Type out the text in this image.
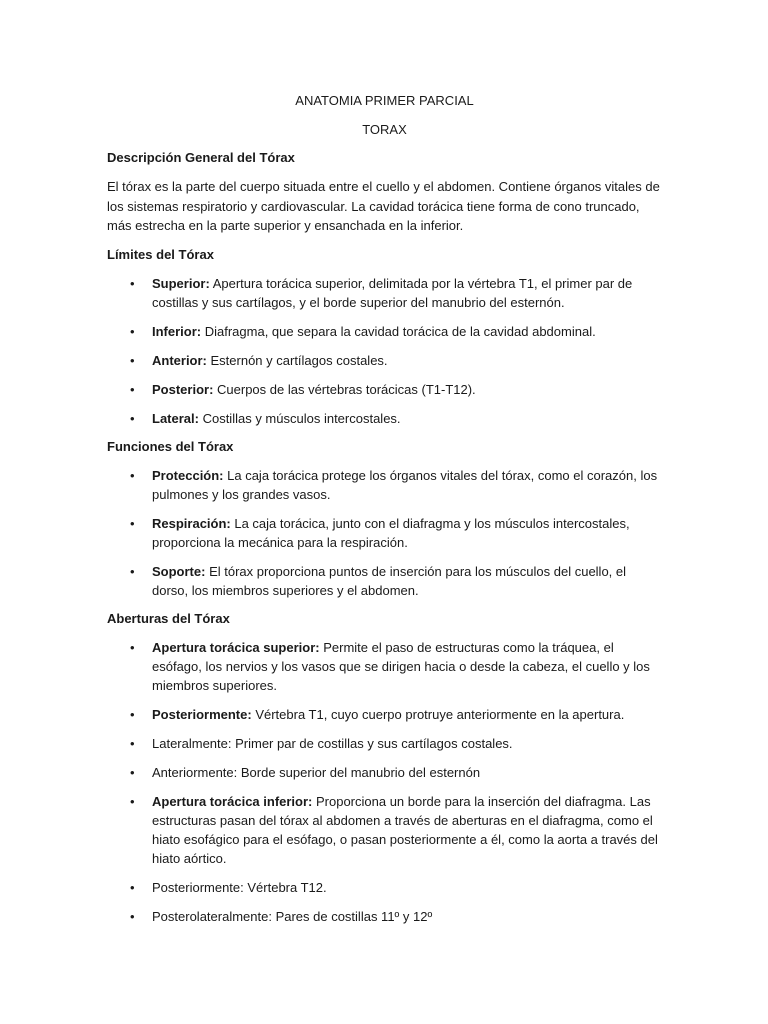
ANATOMIA PRIMER PARCIAL
TORAX
Descripción General del Tórax

El tórax es la parte del cuerpo situada entre el cuello y el abdomen. Contiene órganos vitales de los sistemas respiratorio y cardiovascular. La cavidad torácica tiene forma de cono truncado, más estrecha en la parte superior y ensanchada en la inferior.

Límites del Tórax
• Superior: Apertura torácica superior, delimitada por la vértebra T1, el primer par de costillas y sus cartílagos, y el borde superior del manubrio del esternón.
• Inferior: Diafragma, que separa la cavidad torácica de la cavidad abdominal.
• Anterior: Esternón y cartílagos costales.
• Posterior: Cuerpos de las vértebras torácicas (T1-T12).
• Lateral: Costillas y músculos intercostales.
Funciones del Tórax
• Protección: La caja torácica protege los órganos vitales del tórax, como el corazón, los pulmones y los grandes vasos.
• Respiración: La caja torácica, junto con el diafragma y los músculos intercostales, proporciona la mecánica para la respiración.
• Soporte: El tórax proporciona puntos de inserción para los músculos del cuello, el dorso, los miembros superiores y el abdomen.
Aberturas del Tórax
• Apertura torácica superior: Permite el paso de estructuras como la tráquea, el esófago, los nervios y los vasos que se dirigen hacia o desde la cabeza, el cuello y los miembros superiores.
• Posteriormente: Vértebra T1, cuyo cuerpo protruye anteriormente en la apertura.
• Lateralmente: Primer par de costillas y sus cartílagos costales.
• Anteriormente: Borde superior del manubrio del esternón
• Apertura torácica inferior: Proporciona un borde para la inserción del diafragma. Las estructuras pasan del tórax al abdomen a través de aberturas en el diafragma, como el hiato esofágico para el esófago, o pasan posteriormente a él, como la aorta a través del hiato aórtico.
• Posteriormente: Vértebra T12.
• Posterolateralmente: Pares de costillas 11º y 12º
